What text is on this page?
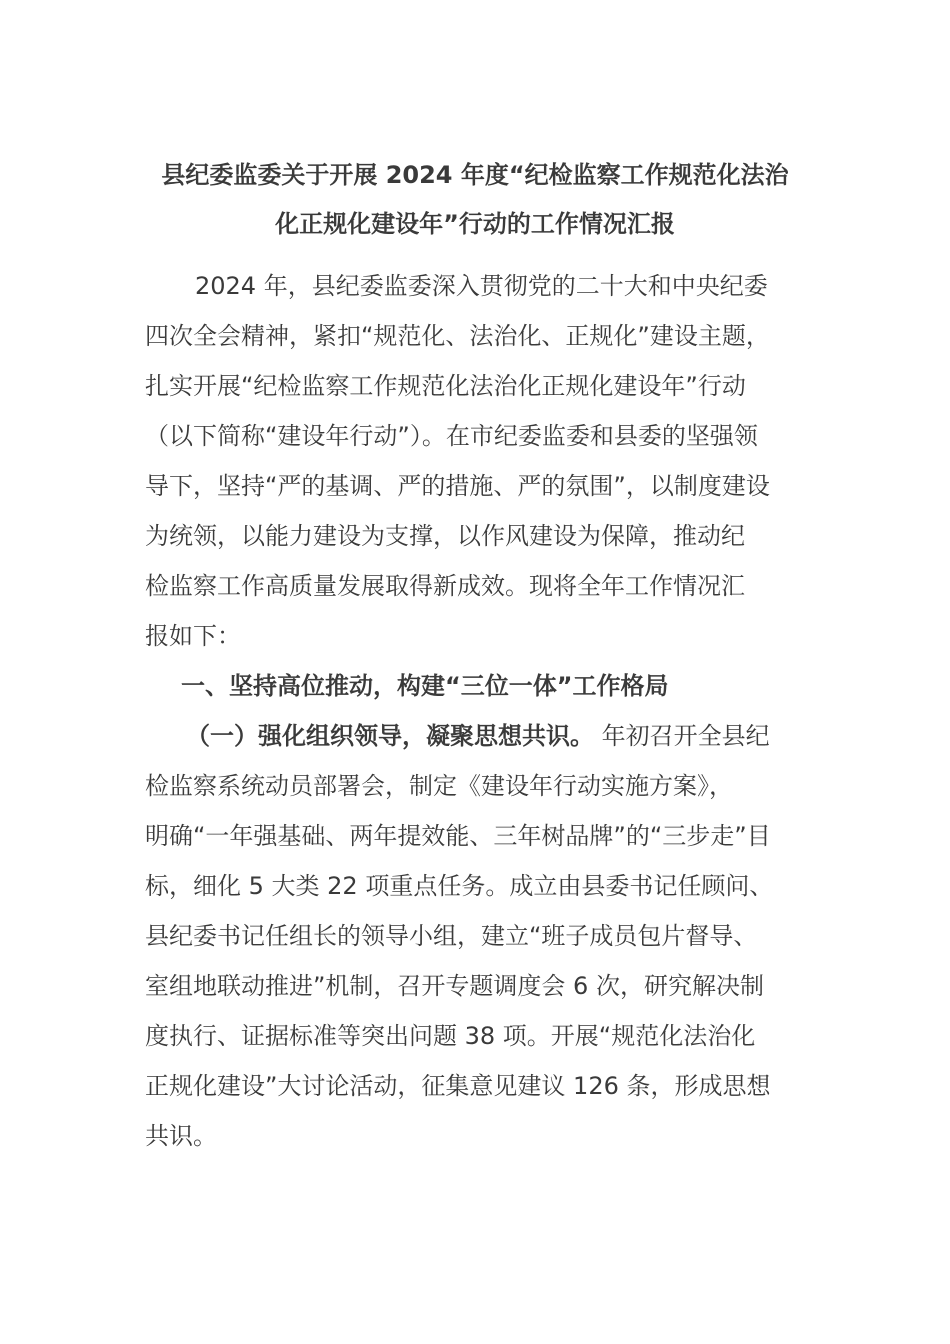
县纪委监委关于开展 2024 年度“纪检监察工作规范化法治
化正规化建设年”行动的工作情况汇报
2024 年，县纪委监委深入贯彻党的二十大和中央纪委
四次全会精神，紧扣“规范化、法治化、正规化”建设主题，
扎实开展“纪检监察工作规范化法治化正规化建设年”行动
（以下简称“建设年行动”）。在市纪委监委和县委的坚强领
导下，坚持“严的基调、严的措施、严的氛围”，以制度建设
为统领，以能力建设为支撑，以作风建设为保障，推动纪
检监察工作高质量发展取得新成效。现将全年工作情况汇
报如下：
一、坚持高位推动，构建“三位一体”工作格局
（一）强化组织领导，凝聚思想共识。 年初召开全县纪
检监察系统动员部署会，制定《建设年行动实施方案》，
明确“一年强基础、两年提效能、三年树品牌”的“三步走”目
标，细化 5 大类 22 项重点任务。成立由县委书记任顾问、
县纪委书记任组长的领导小组，建立“班子成员包片督导、
室组地联动推进”机制，召开专题调度会 6 次，研究解决制
度执行、证据标准等突出问题 38 项。开展“规范化法治化
正规化建设”大讨论活动，征集意见建议 126 条，形成思想
共识。
